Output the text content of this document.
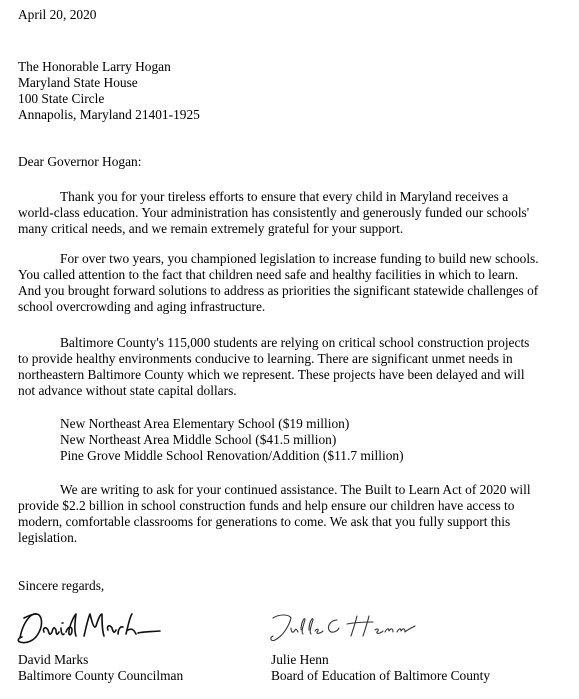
April 20, 2020
The Honorable Larry Hogan
Maryland State House
100 State Circle
Annapolis, Maryland 21401-1925
Dear Governor Hogan:
Thank you for your tireless efforts to ensure that every child in Maryland receives a
world-class education. Your administration has consistently and generously funded our schools'
many critical needs, and we remain extremely grateful for your support.
For over two years, you championed legislation to increase funding to build new schools.
You called attention to the fact that children need safe and healthy facilities in which to learn.
And you brought forward solutions to address as priorities the significant statewide challenges of
school overcrowding and aging infrastructure.
Baltimore County's 115,000 students are relying on critical school construction projects
to provide healthy environments conducive to learning. There are significant unmet needs in
northeastern Baltimore County which we represent. These projects have been delayed and will
not advance without state capital dollars.
New Northeast Area Elementary School ($19 million)
New Northeast Area Middle School ($41.5 million)
Pine Grove Middle School Renovation/Addition ($11.7 million)
We are writing to ask for your continued assistance. The Built to Learn Act of 2020 will
provide $2.2 billion in school construction funds and help ensure our children have access to
modern, comfortable classrooms for generations to come. We ask that you fully support this
legislation.
Sincere regards,
David Marks
Baltimore County Councilman
Julie Henn
Board of Education of Baltimore County
